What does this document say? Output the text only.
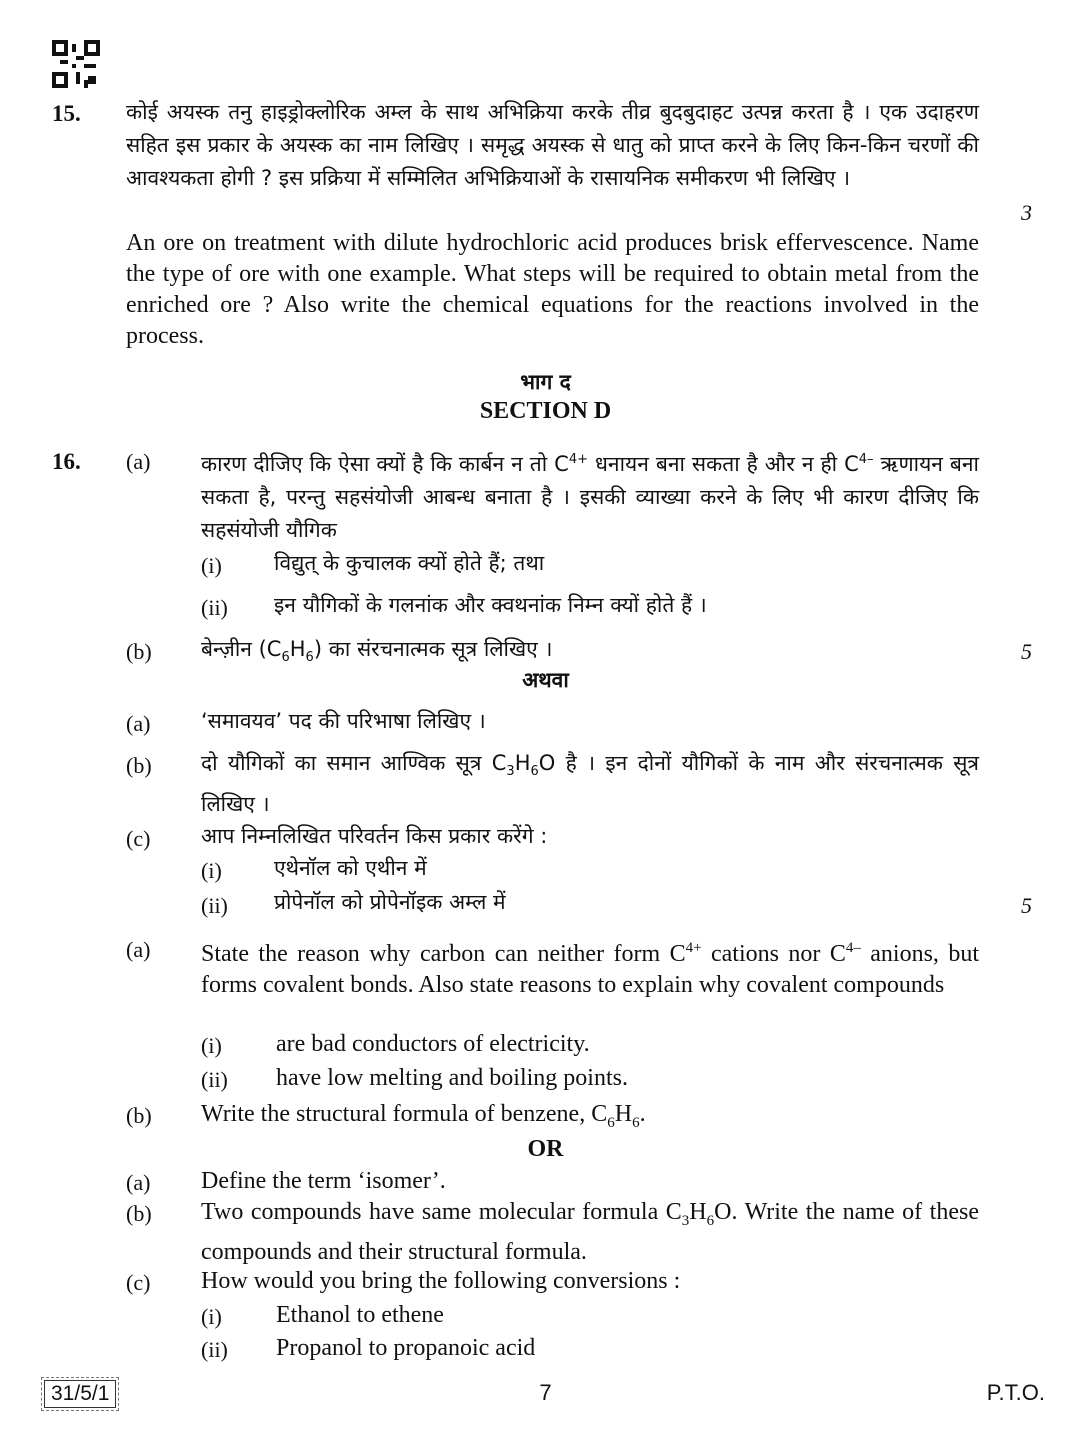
15. कोई अयस्क तनु हाइड्रोक्लोरिक अम्ल के साथ अभिक्रिया करके तीव्र बुदबुदाहट उत्पन्न करता है । एक उदाहरण सहित इस प्रकार के अयस्क का नाम लिखिए । समृद्ध अयस्क से धातु को प्राप्त करने के लिए किन-किन चरणों की आवश्यकता होगी ? इस प्रक्रिया में सम्मिलित अभिक्रियाओं के रासायनिक समीकरण भी लिखिए ।
3
An ore on treatment with dilute hydrochloric acid produces brisk effervescence. Name the type of ore with one example. What steps will be required to obtain metal from the enriched ore ? Also write the chemical equations for the reactions involved in the process.
भाग द
SECTION D
16. (a) कारण दीजिए कि ऐसा क्यों है कि कार्बन न तो $C^{4+}$ धनायन बना सकता है और न ही $C^{4-}$ ऋणायन बना सकता है, परन्तु सहसंयोजी आबन्ध बनाता है । इसकी व्याख्या करने के लिए भी कारण दीजिए कि सहसंयोजी यौगिक
(i) विद्युत् के कुचालक क्यों होते हैं; तथा
(ii) इन यौगिकों के गलनांक और क्वथनांक निम्न क्यों होते हैं ।
(b) बेन्ज़ीन $(C_6H_6)$ का संरचनात्मक सूत्र लिखिए ।	5
अथवा
(a) ‘समावयव’ पद की परिभाषा लिखिए ।
(b) दो यौगिकों का समान आण्विक सूत्र $C_3H_6O$ है । इन दोनों यौगिकों के नाम और संरचनात्मक सूत्र लिखिए ।
(c) आप निम्नलिखित परिवर्तन किस प्रकार करेंगे :
(i) एथेनॉल को एथीन में
(ii) प्रोपेनॉल को प्रोपेनॉइक अम्ल में	5
(a) State the reason why carbon can neither form $C^{4+}$ cations nor $C^{4-}$ anions, but forms covalent bonds. Also state reasons to explain why covalent compounds
(i) are bad conductors of electricity.
(ii) have low melting and boiling points.
(b) Write the structural formula of benzene, $C_6H_6$.
OR
(a) Define the term ‘isomer’.
(b) Two compounds have same molecular formula $C_3H_6O$. Write the name of these compounds and their structural formula.
(c) How would you bring the following conversions :
(i) Ethanol to ethene
(ii) Propanol to propanoic acid
31/5/1	7	P.T.O.
